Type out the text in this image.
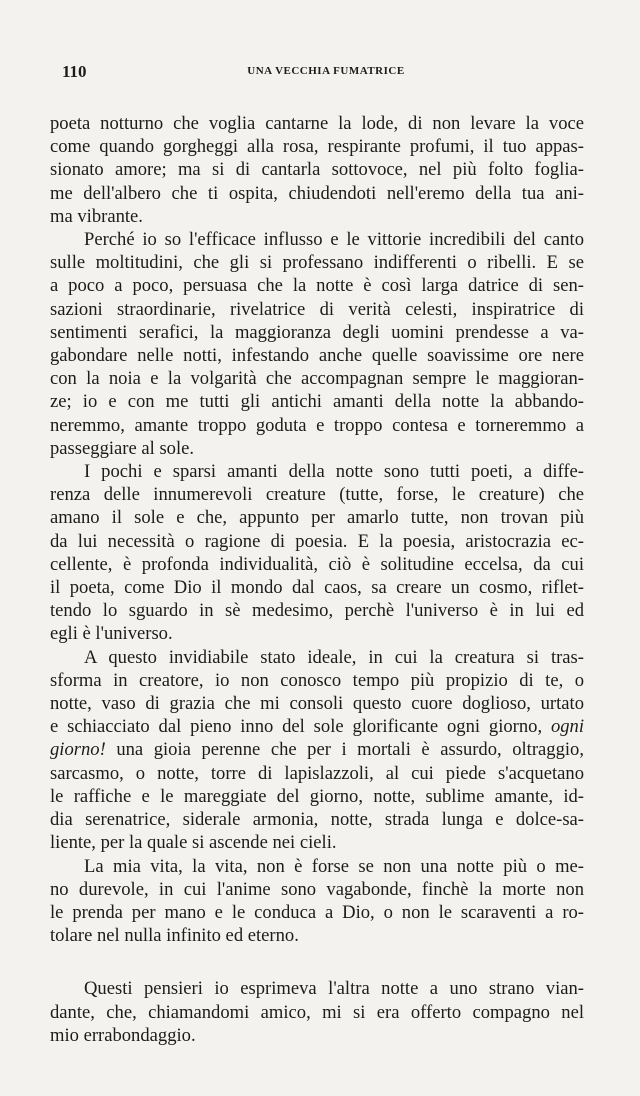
110	UNA VECCHIA FUMATRICE
poeta notturno che voglia cantarne la lode, di non levare la voce
come quando gorgheggi alla rosa, respirante profumi, il tuo appas-
sionato amore; ma si di cantarla sottovoce, nel più folto foglia-
me dell'albero che ti ospita, chiudendoti nell'eremo della tua ani-
ma vibrante.
Perché io so l'efficace influsso e le vittorie incredibili del canto
sulle moltitudini, che gli si professano indifferenti o ribelli. E se
a poco a poco, persuasa che la notte è così larga datrice di sen-
sazioni straordinarie, rivelatrice di verità celesti, inspiratrice di
sentimenti serafici, la maggioranza degli uomini prendesse a va-
gabondare nelle notti, infestando anche quelle soavissime ore nere
con la noia e la volgarità che accompagnan sempre le maggioran-
ze; io e con me tutti gli antichi amanti della notte la abbando-
neremmo, amante troppo goduta e troppo contesa e torneremmo a
passeggiare al sole.
I pochi e sparsi amanti della notte sono tutti poeti, a diffe-
renza delle innumerevoli creature (tutte, forse, le creature) che
amano il sole e che, appunto per amarlo tutte, non trovan più
da lui necessità o ragione di poesia. E la poesia, aristocrazia ec-
cellente, è profonda individualità, ciò è solitudine eccelsa, da cui
il poeta, come Dio il mondo dal caos, sa creare un cosmo, riflet-
tendo lo sguardo in sè medesimo, perchè l'universo è in lui ed
egli è l'universo.
A questo invidiabile stato ideale, in cui la creatura si tras-
sforma in creatore, io non conosco tempo più propizio di te, o
notte, vaso di grazia che mi consoli questo cuore doglioso, urtato
e schiacciato dal pieno inno del sole glorificante ogni giorno, ogni
giorno! una gioia perenne che per i mortali è assurdo, oltraggio,
sarcasmo, o notte, torre di lapislazzoli, al cui piede s'acquetano
le raffiche e le mareggiate del giorno, notte, sublime amante, id-
dia serenatrice, siderale armonia, notte, strada lunga e dolce-sa-
liente, per la quale si ascende nei cieli.
La mia vita, la vita, non è forse se non una notte più o me-
no durevole, in cui l'anime sono vagabonde, finchè la morte non
le prenda per mano e le conduca a Dio, o non le scaraventi a ro-
tolare nel nulla infinito ed eterno.
Questi pensieri io esprimeva l'altra notte a uno strano vian-
dante, che, chiamandomi amico, mi si era offerto compagno nel
mio errabondaggio.
